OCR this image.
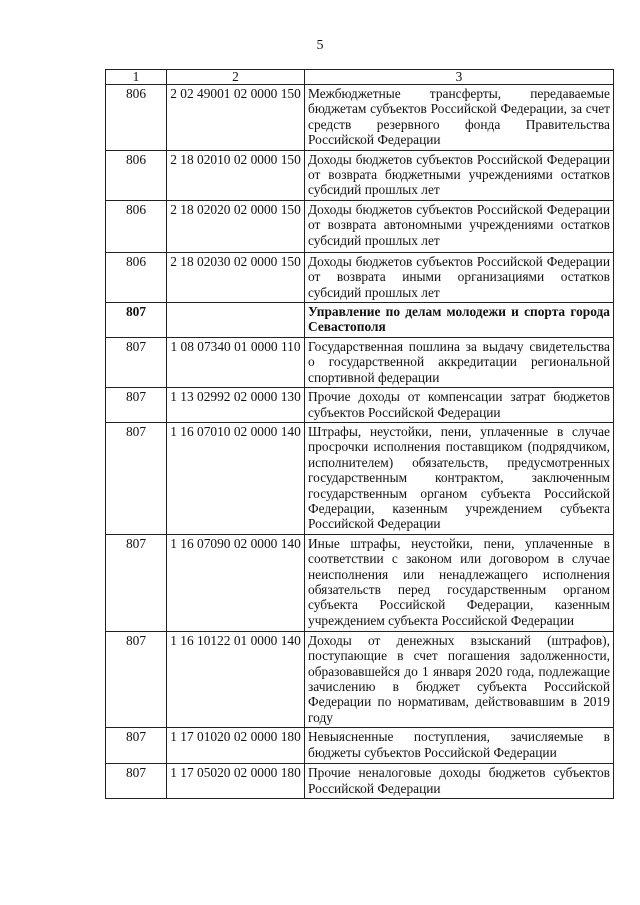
5
1	2	3
806	2 02 49001 02 0000 150	Межбюджетные трансферты, передаваемые бюджетам субъектов Российской Федерации, за счет средств резервного фонда Правительства Российской Федерации
806	2 18 02010 02 0000 150	Доходы бюджетов субъектов Российской Федерации от возврата бюджетными учреждениями остатков субсидий прошлых лет
806	2 18 02020 02 0000 150	Доходы бюджетов субъектов Российской Федерации от возврата автономными учреждениями остатков субсидий прошлых лет
806	2 18 02030 02 0000 150	Доходы бюджетов субъектов Российской Федерации от возврата иными организациями остатков субсидий прошлых лет
807		Управление по делам молодежи и спорта города Севастополя
807	1 08 07340 01 0000 110	Государственная пошлина за выдачу свидетельства о государственной аккредитации региональной спортивной федерации
807	1 13 02992 02 0000 130	Прочие доходы от компенсации затрат бюджетов субъектов Российской Федерации
807	1 16 07010 02 0000 140	Штрафы, неустойки, пени, уплаченные в случае просрочки исполнения поставщиком (подрядчиком, исполнителем) обязательств, предусмотренных государственным контрактом, заключенным государственным органом субъекта Российской Федерации, казенным учреждением субъекта Российской Федерации
807	1 16 07090 02 0000 140	Иные штрафы, неустойки, пени, уплаченные в соответствии с законом или договором в случае неисполнения или ненадлежащего исполнения обязательств перед государственным органом субъекта Российской Федерации, казенным учреждением субъекта Российской Федерации
807	1 16 10122 01 0000 140	Доходы от денежных взысканий (штрафов), поступающие в счет погашения задолженности, образовавшейся до 1 января 2020 года, подлежащие зачислению в бюджет субъекта Российской Федерации по нормативам, действовавшим в 2019 году
807	1 17 01020 02 0000 180	Невыясненные поступления, зачисляемые в бюджеты субъектов Российской Федерации
807	1 17 05020 02 0000 180	Прочие неналоговые доходы бюджетов субъектов Российской Федерации
